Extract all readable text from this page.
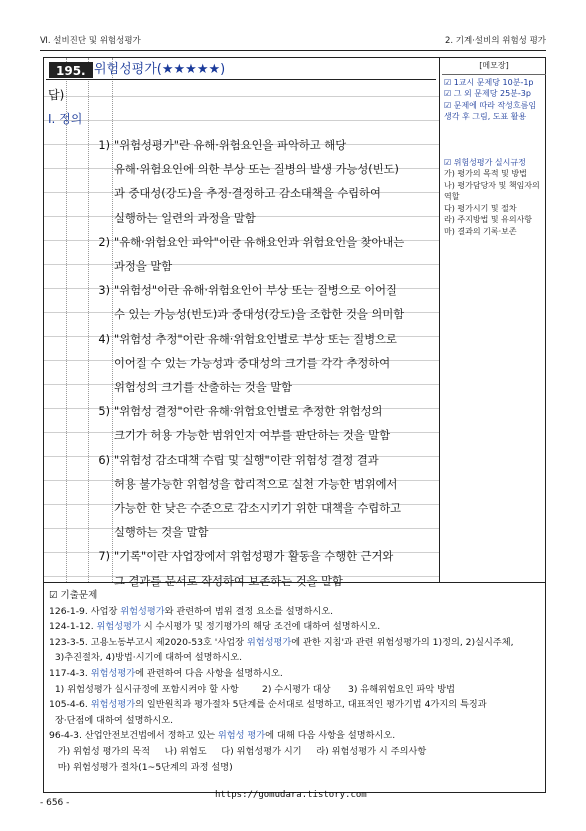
Ⅵ. 설비진단 및 위험성평가	2. 기계·설비의 위험성 평가
195. 위험성평가(★★★★★)
답)
Ⅰ. 정의
1) "위험성평가"란 유해·위험요인을 파악하고 해당
유해·위험요인에 의한 부상 또는 질병의 발생 가능성(빈도)
과 중대성(강도)을 추정·결정하고 감소대책을 수립하여
실행하는 일련의 과정을 말함
2) "유해·위험요인 파악"이란 유해요인과 위험요인을 찾아내는
과정을 말함
3) "위험성"이란 유해·위험요인이 부상 또는 질병으로 이어질
수 있는 가능성(빈도)과 중대성(강도)을 조합한 것을 의미함
4) "위험성 추정"이란 유해·위험요인별로 부상 또는 질병으로
이어질 수 있는 가능성과 중대성의 크기를 각각 추정하여
위험성의 크기를 산출하는 것을 말함
5) "위험성 결정"이란 유해·위험요인별로 추정한 위험성의
크기가 허용 가능한 범위인지 여부를 판단하는 것을 말함
6) "위험성 감소대책 수립 및 실행"이란 위험성 결정 결과
허용 불가능한 위험성을 합리적으로 실천 가능한 범위에서
가능한 한 낮은 수준으로 감소시키기 위한 대책을 수립하고
실행하는 것을 말함
7) "기록"이란 사업장에서 위험성평가 활동을 수행한 근거와
그 결과를 문서로 작성하여 보존하는 것을 말함
[메모장]
☑ 1교시 문제당 10분-1p
☑ 그 외 문제당 25분-3p
☑ 문제에 따라 작성흐름임
생각 후 그림, 도표 활용
☑ 위험성평가 실시규정
가) 평가의 목적 및 방법
나) 평가담당자 및 책임자의
역할
다) 평가시기 및 절차
라) 주지방법 및 유의사항
마) 결과의 기록·보존
☑ 기출문제
126-1-9. 사업장 위험성평가와 관련하여 범위 결정 요소를 설명하시오.
124-1-12. 위험성평가 시 수시평가 및 정기평가의 해당 조건에 대하여 설명하시오.
123-3-5. 고용노동부고시 제2020-53호 '사업장 위험성평가에 관한 지침'과 관련 위험성평가의 1)정의, 2)실시주체,
3)추진절차, 4)방법·시기에 대하여 설명하시오.
117-4-3. 위험성평가에 관련하여 다음 사항을 설명하시오.
1) 위험성평가 실시규정에 포함시켜야 할 사항        2) 수시평가 대상      3) 유해위험요인 파악 방법
105-4-6. 위험성평가의 일반원칙과 평가절차 5단계를 순서대로 설명하고, 대표적인 평가기법 4가지의 특징과
장·단점에 대하여 설명하시오.
96-4-3. 산업안전보건법에서 정하고 있는 위험성 평가에 대해 다음 사항을 설명하시오.
가) 위험성 평가의 목적     나) 위험도     다) 위험성평가 시기     라) 위험성평가 시 주의사항
마) 위험성평가 절차(1~5단계의 과정 설명)
- 656 -
https://gomudara.tistory.com
